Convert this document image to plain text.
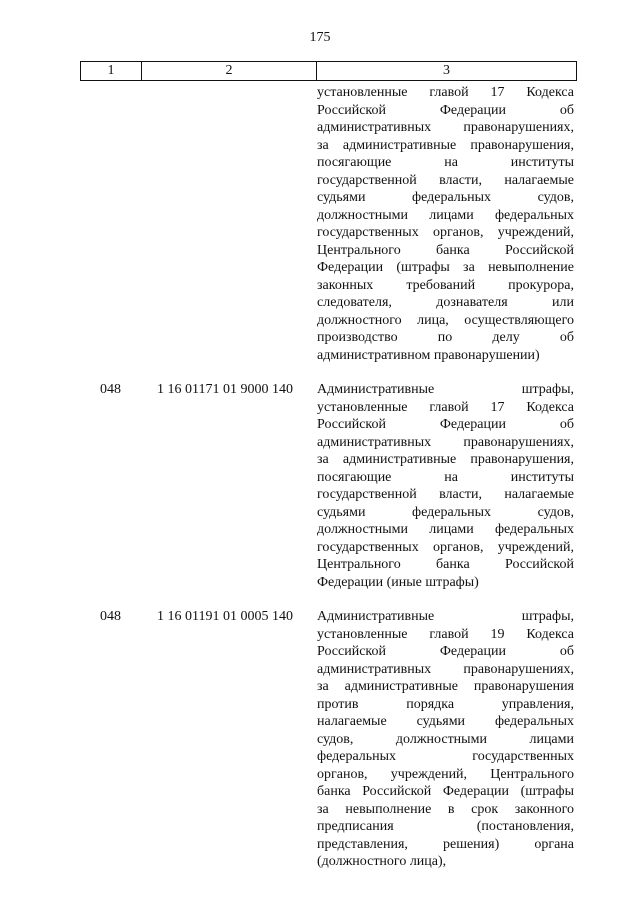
175
1	2	3
установленные главой 17 Кодекса
Российской Федерации об
административных правонарушениях,
за административные правонарушения,
посягающие на институты
государственной власти, налагаемые
судьями федеральных судов,
должностными лицами федеральных
государственных органов, учреждений,
Центрального банка Российской
Федерации (штрафы за невыполнение
законных требований прокурора,
следователя, дознавателя или
должностного лица, осуществляющего
производство по делу об
административном правонарушении)
048	1 16 01171 01 9000 140 Административные штрафы,
установленные главой 17 Кодекса
Российской Федерации об
административных правонарушениях,
за административные правонарушения,
посягающие на институты
государственной власти, налагаемые
судьями федеральных судов,
должностными лицами федеральных
государственных органов, учреждений,
Центрального банка Российской
Федерации (иные штрафы)
048	1 16 01191 01 0005 140 Административные штрафы,
установленные главой 19 Кодекса
Российской Федерации об
административных правонарушениях,
за административные правонарушения
против порядка управления,
налагаемые судьями федеральных
судов, должностными лицами
федеральных государственных
органов, учреждений, Центрального
банка Российской Федерации (штрафы
за невыполнение в срок законного
предписания (постановления,
представления, решения) органа
(должностного лица),
